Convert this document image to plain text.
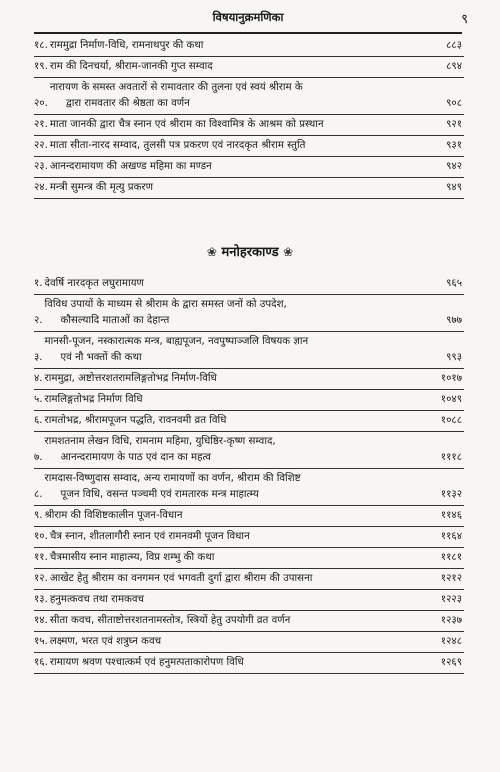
विषयानुक्रमणिका	९
१८. राममुद्रा निर्माण-विधि, रामनाथपुर की कथा	८८३
१९. राम की दिनचर्या, श्रीराम-जानकी गुप्त सम्वाद	८९४
२०.
नारायण के समस्त अवतारों से रामावतार की तुलना एवं स्वयं श्रीराम के
द्वारा रामवतार की श्रेष्ठता का वर्णन	९०८
२१. माता जानकी द्वारा चैत्र स्नान एवं श्रीराम का विश्वामित्र के आश्रम को प्रस्थान	९२१
२२. माता सीता-नारद सम्वाद, तुलसी पत्र प्रकरण एवं नारदकृत श्रीराम स्तुति	९३१
२३. आनन्दरामायण की अखण्ड महिमा का मण्डन	९४२
२४. मन्त्री सुमन्त्र की मृत्यु प्रकरण	९४९
❀ मनोहरकाण्ड ❀
१. देवर्षि नारदकृत लघुरामायण	९६५
२.
विविध उपायों के माध्यम से श्रीराम के द्वारा समस्त जनों को उपदेश,
कौसल्यादि माताओं का देहान्त	९७७
३.
मानसी-पूजन, नस्कारात्मक मन्त्र, बाह्यपूजन, नवपुष्पाञ्जलि विषयक ज्ञान
एवं नौ भक्तों की कथा	९९३
४. राममुद्रा, अष्टोत्तरशतरामलिङ्गतोभद्र निर्माण-विधि	१०१७
५. रामलिङ्गतोभद्र निर्माण विधि	१०४९
६. रामतोभद्र, श्रीरामपूजन पद्धति, रावनवमी व्रत विधि	१०८८
७.
रामशतनाम लेखन विधि, रामनाम महिमा, युधिष्ठिर-कृष्ण सम्वाद,
आनन्दरामायण के पाठ एवं दान का महत्व	१११८
८.
रामदास-विष्णुदास सम्वाद, अन्य रामायणों का वर्णन, श्रीराम की विशिष्ट
पूजन विधि, वसन्त पञ्चमी एवं रामतारक मन्त्र माहात्म्य	११३२
९. श्रीराम की विशिष्टकालीन पूजन-विधान	११४६
१०. चैत्र स्नान, शीतलागौरी स्नान एवं रामनवमी पूजन विधान	११६४
११. चैत्रमासीय स्नान माहात्म्य, विप्र शम्भु की कथा	११८१
१२. आखेट हेतु श्रीराम का वनगमन एवं भगवती दुर्गा द्वारा श्रीराम की उपासना	१२१२
१३. हनुमत्कवच तथा रामकवच	१२२३
१४. सीता कवच, सीताष्टोत्तरशतनामस्तोत्र, स्त्रियों हेतु उपयोगी व्रत वर्णन	१२३७
१५. लक्ष्मण, भरत एवं शत्रुघ्न कवच	१२४८
१६. रामायण श्रवण पश्चात्कर्म एवं हनुमत्पताकारोपण विधि	१२६९
